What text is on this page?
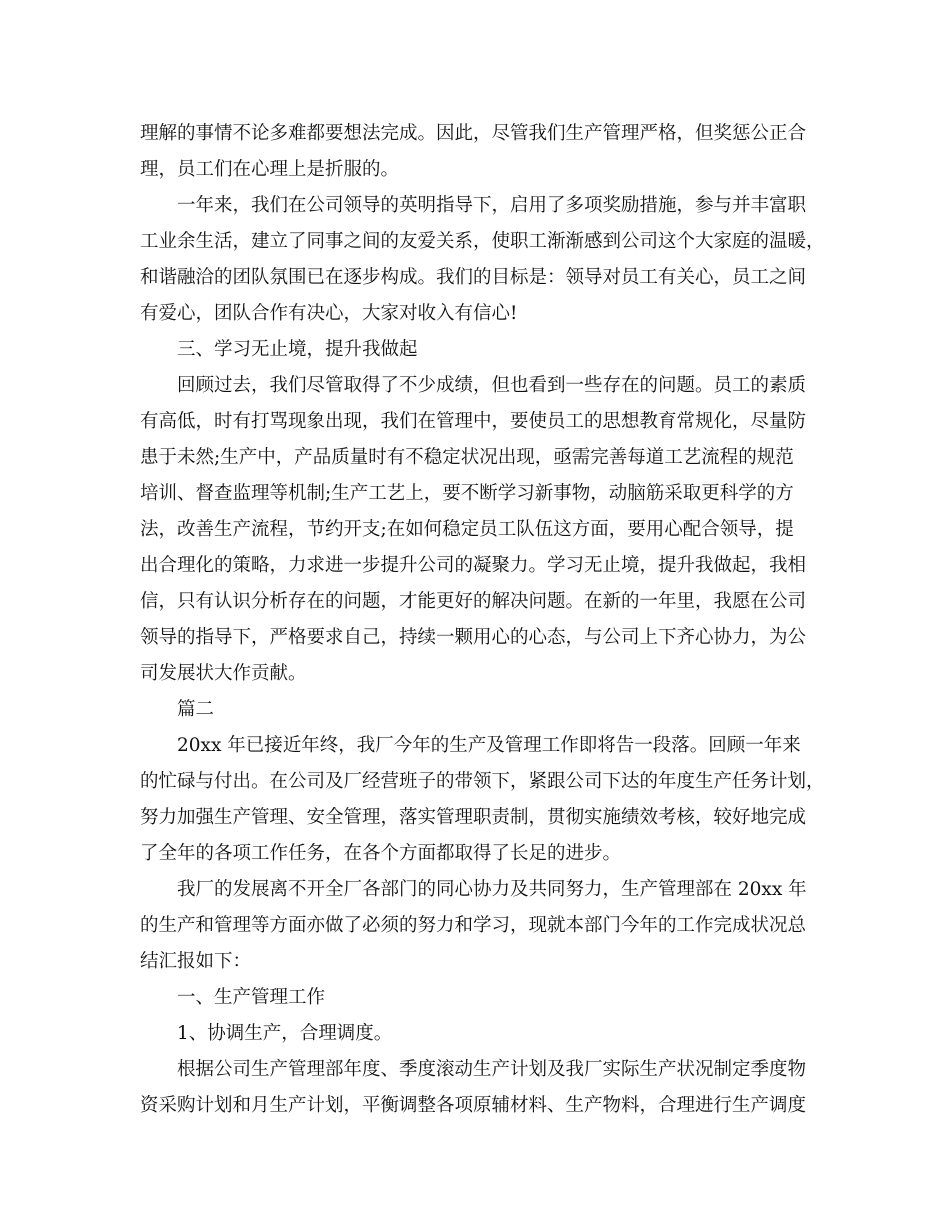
理解的事情不论多难都要想法完成。因此，尽管我们生产管理严格，但奖惩公正合
理，员工们在心理上是折服的。
一年来，我们在公司领导的英明指导下，启用了多项奖励措施，参与并丰富职
工业余生活，建立了同事之间的友爱关系，使职工渐渐感到公司这个大家庭的温暖，
和谐融洽的团队氛围已在逐步构成。我们的目标是：领导对员工有关心，员工之间
有爱心，团队合作有决心，大家对收入有信心!
三、学习无止境，提升我做起
回顾过去，我们尽管取得了不少成绩，但也看到一些存在的问题。员工的素质
有高低，时有打骂现象出现，我们在管理中，要使员工的思想教育常规化，尽量防
患于未然;生产中，产品质量时有不稳定状况出现，亟需完善每道工艺流程的规范
培训、督查监理等机制;生产工艺上，要不断学习新事物，动脑筋采取更科学的方
法，改善生产流程，节约开支;在如何稳定员工队伍这方面，要用心配合领导，提
出合理化的策略，力求进一步提升公司的凝聚力。学习无止境，提升我做起，我相
信，只有认识分析存在的问题，才能更好的解决问题。在新的一年里，我愿在公司
领导的指导下，严格要求自己，持续一颗用心的心态，与公司上下齐心协力，为公
司发展状大作贡献。
篇二
20xx 年已接近年终，我厂今年的生产及管理工作即将告一段落。回顾一年来
的忙碌与付出。在公司及厂经营班子的带领下，紧跟公司下达的年度生产任务计划，
努力加强生产管理、安全管理，落实管理职责制，贯彻实施绩效考核，较好地完成
了全年的各项工作任务，在各个方面都取得了长足的进步。
我厂的发展离不开全厂各部门的同心协力及共同努力，生产管理部在 20xx 年
的生产和管理等方面亦做了必须的努力和学习，现就本部门今年的工作完成状况总
结汇报如下：
一、生产管理工作
1、协调生产，合理调度。
根据公司生产管理部年度、季度滚动生产计划及我厂实际生产状况制定季度物
资采购计划和月生产计划，平衡调整各项原辅材料、生产物料，合理进行生产调度
